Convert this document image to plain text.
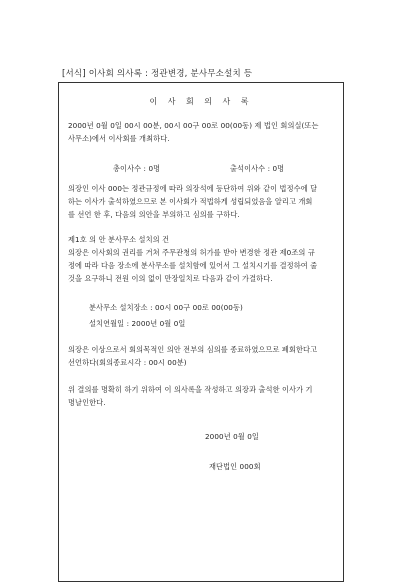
[서식] 이사회 의사록 : 정관변경, 분사무소설치 등
이 사 회 의 사 록
2000년 0월 0일 00시 00분, 00시 00구 00로 00(00동) 제 법인 회의실(또는
사무소)에서 이사회를 개최하다.
총이사수 : 0명	출석이사수 : 0명
의장인 이사 000는 정관규정에 따라 의장석에 등단하여 위와 같이 법정수에 달
하는 이사가 출석하였으므로 본 이사회가 적법하게 성립되었음을 알리고 개회
를 선언 한 후, 다음의 의안을 부의하고 심의를 구하다.
제1호 의 안 분사무소 설치의 건
의장은 이사회의 권리를 거쳐 주무관청의 허가를 받아 변경한 정관 제0조의 규
정에 따라 다음 장소에 분사무소를 설치함에 있어서 그 설치시기를 결정하여 줄
것을 요구하니 전원 이의 없이 만장일치로 다음과 같이 가결하다.
분사무소 설치장소 : 00시 00구 00로 00(00동)
설치연월일 : 2000년 0월 0일
의장은 이상으로서 회의목적인 의안 전부의 심의를 종료하였으므로 폐회한다고
선언하다(회의종료시각 : 00시 00분)
위 결의를 명확히 하기 위하여 이 의사록을 작성하고 의장과 출석한 이사가 기
명날인한다.
2000년 0월 0일
재단법인 000회
